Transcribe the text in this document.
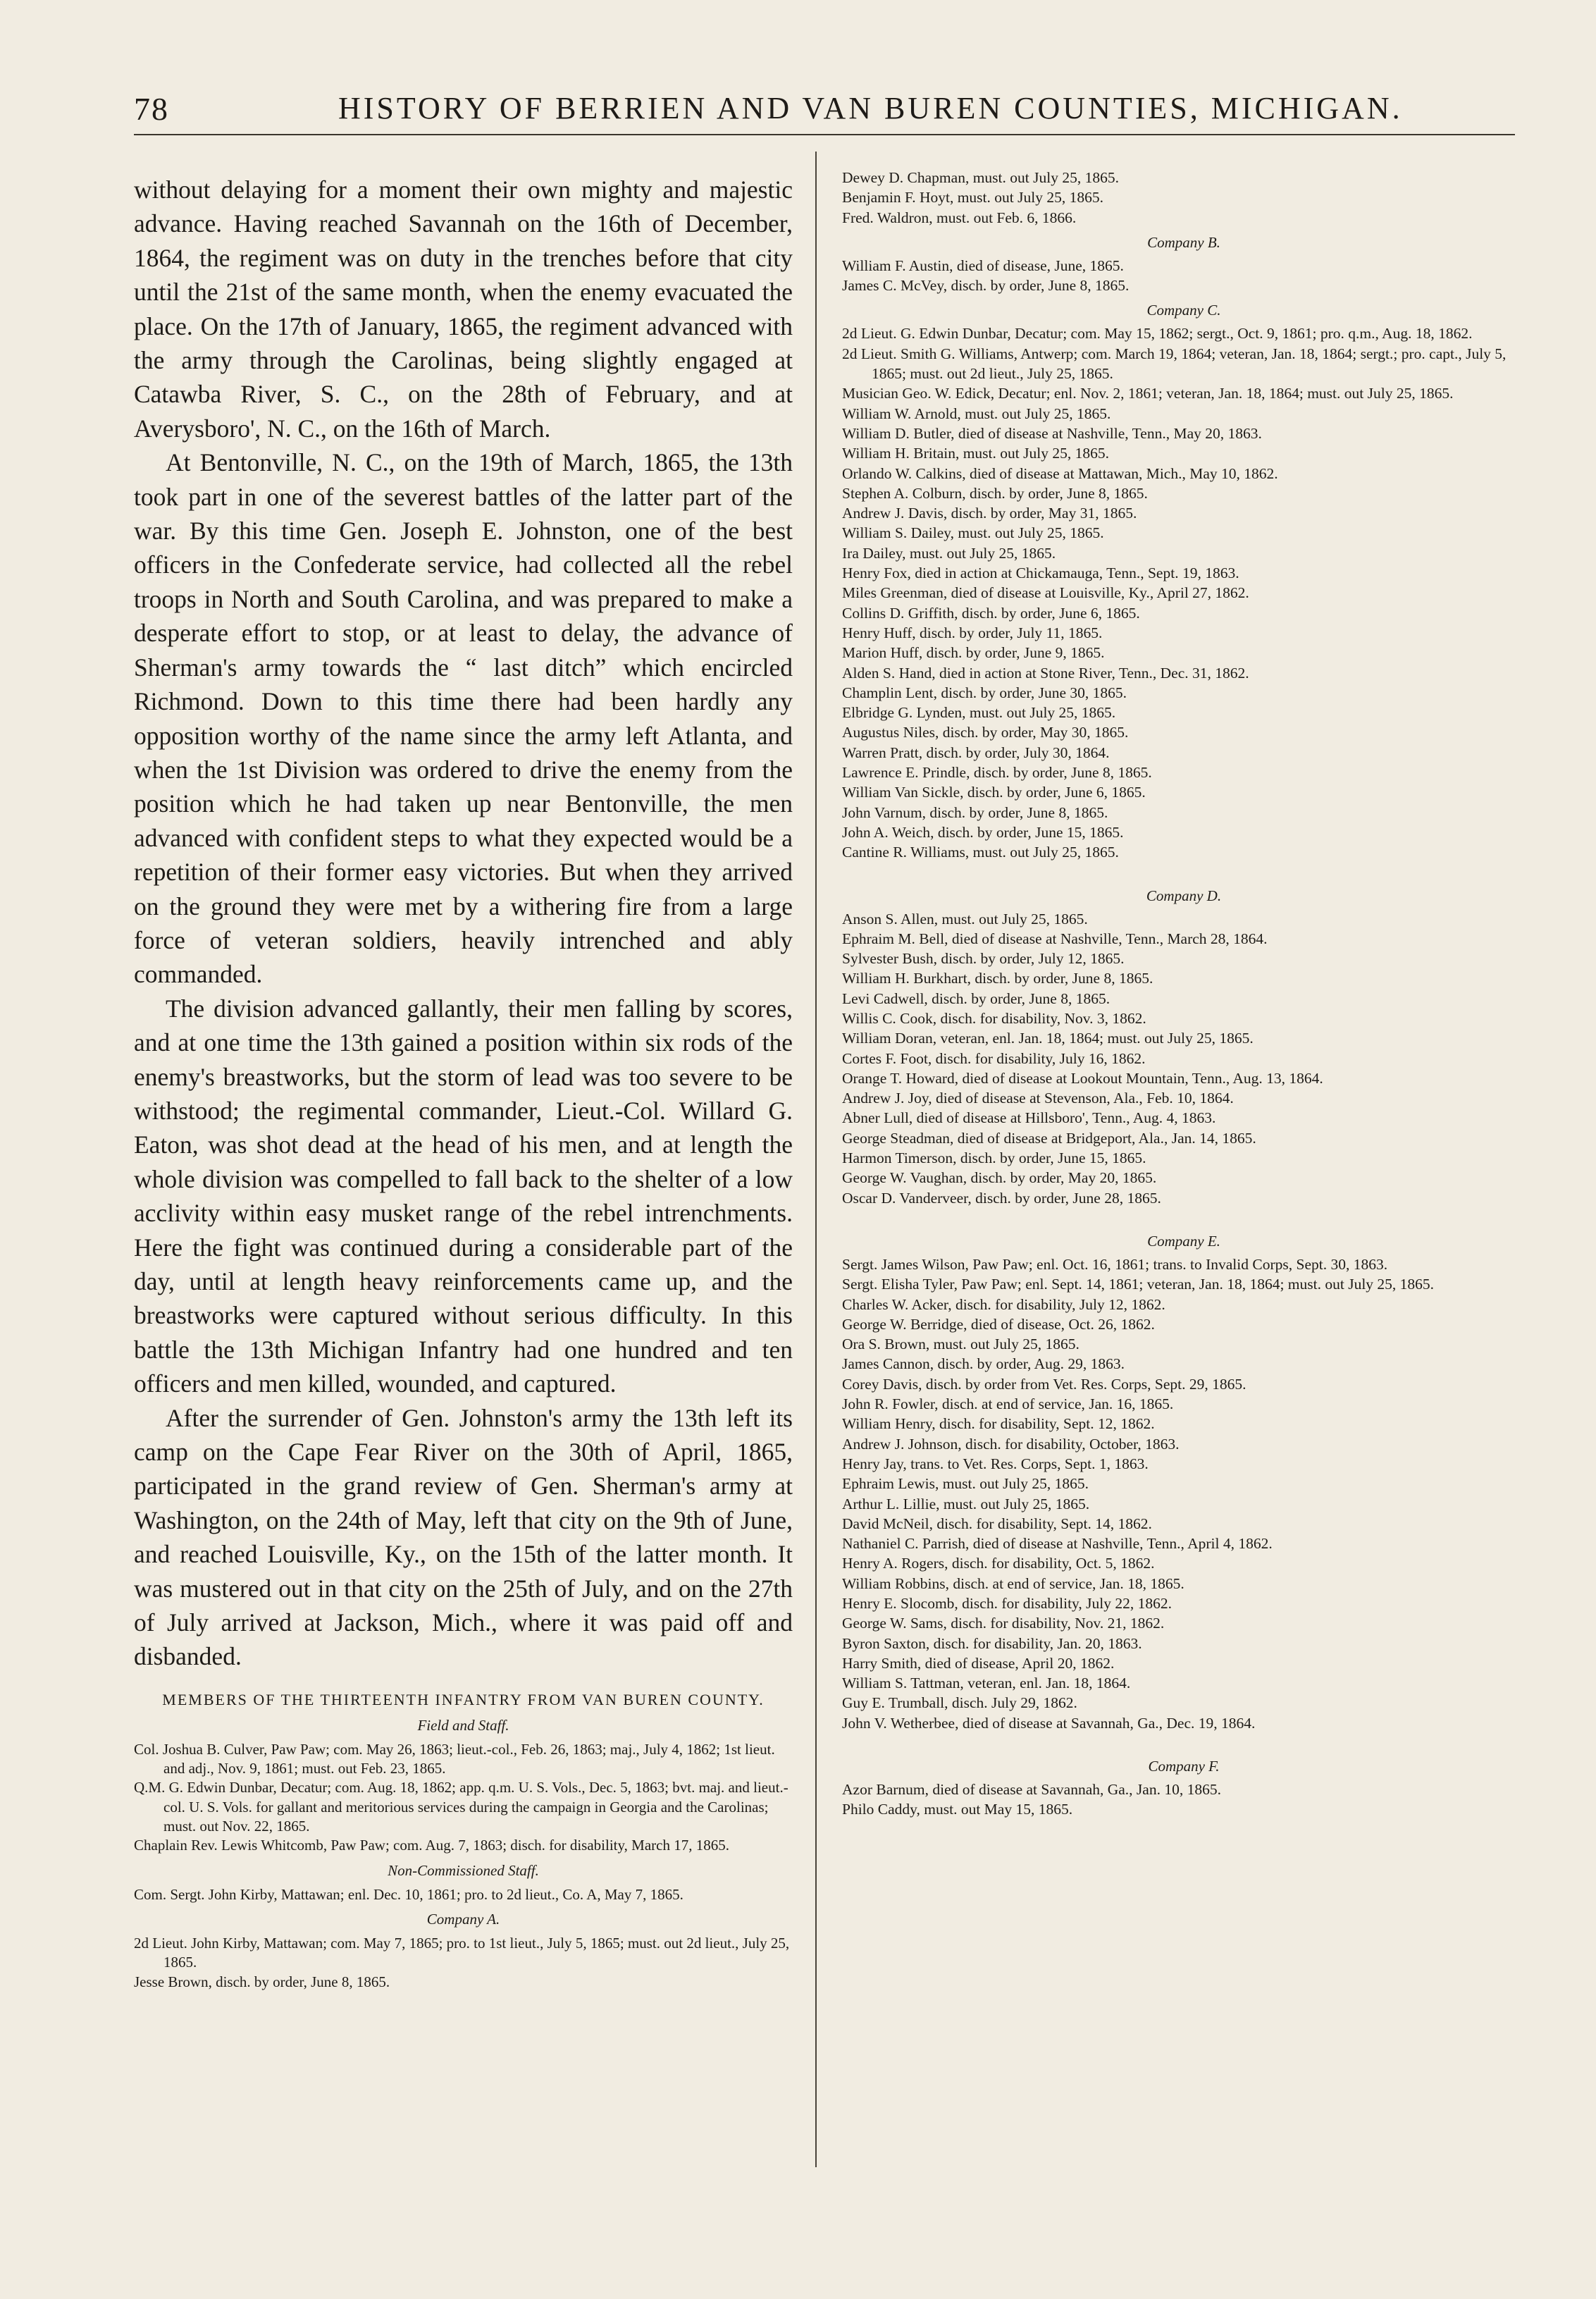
78	HISTORY OF BERRIEN AND VAN BUREN COUNTIES, MICHIGAN.

without delaying for a moment their own mighty and majestic advance. Having reached Savannah on the 16th of December, 1864, the regiment was on duty in the trenches before that city until the 21st of the same month, when the enemy evacuated the place. On the 17th of January, 1865, the regiment advanced with the army through the Carolinas, being slightly engaged at Catawba River, S. C., on the 28th of February, and at Averysboro', N. C., on the 16th of March.

At Bentonville, N. C., on the 19th of March, 1865, the 13th took part in one of the severest battles of the latter part of the war. By this time Gen. Joseph E. Johnston, one of the best officers in the Confederate service, had collected all the rebel troops in North and South Carolina, and was prepared to make a desperate effort to stop, or at least to delay, the advance of Sherman's army towards the “ last ditch” which encircled Richmond. Down to this time there had been hardly any opposition worthy of the name since the army left Atlanta, and when the 1st Division was ordered to drive the enemy from the position which he had taken up near Bentonville, the men advanced with confident steps to what they expected would be a repetition of their former easy victories. But when they arrived on the ground they were met by a withering fire from a large force of veteran soldiers, heavily intrenched and ably commanded.

The division advanced gallantly, their men falling by scores, and at one time the 13th gained a position within six rods of the enemy's breastworks, but the storm of lead was too severe to be withstood; the regimental commander, Lieut.-Col. Willard G. Eaton, was shot dead at the head of his men, and at length the whole division was compelled to fall back to the shelter of a low acclivity within easy musket range of the rebel intrenchments. Here the fight was continued during a considerable part of the day, until at length heavy reinforcements came up, and the breastworks were captured without serious difficulty. In this battle the 13th Michigan Infantry had one hundred and ten officers and men killed, wounded, and captured.

After the surrender of Gen. Johnston's army the 13th left its camp on the Cape Fear River on the 30th of April, 1865, participated in the grand review of Gen. Sherman's army at Washington, on the 24th of May, left that city on the 9th of June, and reached Louisville, Ky., on the 15th of the latter month. It was mustered out in that city on the 25th of July, and on the 27th of July arrived at Jackson, Mich., where it was paid off and disbanded.

MEMBERS OF THE THIRTEENTH INFANTRY FROM VAN BUREN COUNTY.
Field and Staff.

Col. Joshua B. Culver, Paw Paw; com. May 26, 1863; lieut.-col., Feb. 26, 1863; maj., July 4, 1862; 1st lieut. and adj., Nov. 9, 1861; must. out Feb. 23, 1865.

Q.M. G. Edwin Dunbar, Decatur; com. Aug. 18, 1862; app. q.m. U. S. Vols., Dec. 5, 1863; bvt. maj. and lieut.-col. U. S. Vols. for gallant and meritorious services during the campaign in Georgia and the Carolinas; must. out Nov. 22, 1865.

Chaplain Rev. Lewis Whitcomb, Paw Paw; com. Aug. 7, 1863; disch. for disability, March 17, 1865.

Non-Commissioned Staff.

Com. Sergt. John Kirby, Mattawan; enl. Dec. 10, 1861; pro. to 2d lieut., Co. A, May 7, 1865.

Company A.

2d Lieut. John Kirby, Mattawan; com. May 7, 1865; pro. to 1st lieut., July 5, 1865; must. out 2d lieut., July 25, 1865.

Jesse Brown, disch. by order, June 8, 1865.

Dewey D. Chapman, must. out July 25, 1865.

Benjamin F. Hoyt, must. out July 25, 1865.

Fred. Waldron, must. out Feb. 6, 1866.

Company B.

William F. Austin, died of disease, June, 1865.

James C. McVey, disch. by order, June 8, 1865.

Company C.

2d Lieut. G. Edwin Dunbar, Decatur; com. May 15, 1862; sergt., Oct. 9, 1861; pro. q.m., Aug. 18, 1862.

2d Lieut. Smith G. Williams, Antwerp; com. March 19, 1864; veteran, Jan. 18, 1864; sergt.; pro. capt., July 5, 1865; must. out 2d lieut., July 25, 1865.

Musician Geo. W. Edick, Decatur; enl. Nov. 2, 1861; veteran, Jan. 18, 1864; must. out July 25, 1865.

William W. Arnold, must. out July 25, 1865.

William D. Butler, died of disease at Nashville, Tenn., May 20, 1863.

William H. Britain, must. out July 25, 1865.

Orlando W. Calkins, died of disease at Mattawan, Mich., May 10, 1862.

Stephen A. Colburn, disch. by order, June 8, 1865.

Andrew J. Davis, disch. by order, May 31, 1865.

William S. Dailey, must. out July 25, 1865.

Ira Dailey, must. out July 25, 1865.

Henry Fox, died in action at Chickamauga, Tenn., Sept. 19, 1863.

Miles Greenman, died of disease at Louisville, Ky., April 27, 1862.

Collins D. Griffith, disch. by order, June 6, 1865.

Henry Huff, disch. by order, July 11, 1865.

Marion Huff, disch. by order, June 9, 1865.

Alden S. Hand, died in action at Stone River, Tenn., Dec. 31, 1862.

Champlin Lent, disch. by order, June 30, 1865.

Elbridge G. Lynden, must. out July 25, 1865.

Augustus Niles, disch. by order, May 30, 1865.

Warren Pratt, disch. by order, July 30, 1864.

Lawrence E. Prindle, disch. by order, June 8, 1865.

William Van Sickle, disch. by order, June 6, 1865.

John Varnum, disch. by order, June 8, 1865.

John A. Weich, disch. by order, June 15, 1865.

Cantine R. Williams, must. out July 25, 1865.

Company D.

Anson S. Allen, must. out July 25, 1865.

Ephraim M. Bell, died of disease at Nashville, Tenn., March 28, 1864.

Sylvester Bush, disch. by order, July 12, 1865.

William H. Burkhart, disch. by order, June 8, 1865.

Levi Cadwell, disch. by order, June 8, 1865.

Willis C. Cook, disch. for disability, Nov. 3, 1862.

William Doran, veteran, enl. Jan. 18, 1864; must. out July 25, 1865.

Cortes F. Foot, disch. for disability, July 16, 1862.

Orange T. Howard, died of disease at Lookout Mountain, Tenn., Aug. 13, 1864.

Andrew J. Joy, died of disease at Stevenson, Ala., Feb. 10, 1864.

Abner Lull, died of disease at Hillsboro', Tenn., Aug. 4, 1863.

George Steadman, died of disease at Bridgeport, Ala., Jan. 14, 1865.

Harmon Timerson, disch. by order, June 15, 1865.

George W. Vaughan, disch. by order, May 20, 1865.

Oscar D. Vanderveer, disch. by order, June 28, 1865.

Company E.

Sergt. James Wilson, Paw Paw; enl. Oct. 16, 1861; trans. to Invalid Corps, Sept. 30, 1863.

Sergt. Elisha Tyler, Paw Paw; enl. Sept. 14, 1861; veteran, Jan. 18, 1864; must. out July 25, 1865.

Charles W. Acker, disch. for disability, July 12, 1862.

George W. Berridge, died of disease, Oct. 26, 1862.

Ora S. Brown, must. out July 25, 1865.

James Cannon, disch. by order, Aug. 29, 1863.

Corey Davis, disch. by order from Vet. Res. Corps, Sept. 29, 1865.

John R. Fowler, disch. at end of service, Jan. 16, 1865.

William Henry, disch. for disability, Sept. 12, 1862.

Andrew J. Johnson, disch. for disability, October, 1863.

Henry Jay, trans. to Vet. Res. Corps, Sept. 1, 1863.

Ephraim Lewis, must. out July 25, 1865.

Arthur L. Lillie, must. out July 25, 1865.

David McNeil, disch. for disability, Sept. 14, 1862.

Nathaniel C. Parrish, died of disease at Nashville, Tenn., April 4, 1862.

Henry A. Rogers, disch. for disability, Oct. 5, 1862.

William Robbins, disch. at end of service, Jan. 18, 1865.

Henry E. Slocomb, disch. for disability, July 22, 1862.

George W. Sams, disch. for disability, Nov. 21, 1862.

Byron Saxton, disch. for disability, Jan. 20, 1863.

Harry Smith, died of disease, April 20, 1862.

William S. Tattman, veteran, enl. Jan. 18, 1864.

Guy E. Trumball, disch. July 29, 1862.

John V. Wetherbee, died of disease at Savannah, Ga., Dec. 19, 1864.

Company F.

Azor Barnum, died of disease at Savannah, Ga., Jan. 10, 1865.

Philo Caddy, must. out May 15, 1865.
